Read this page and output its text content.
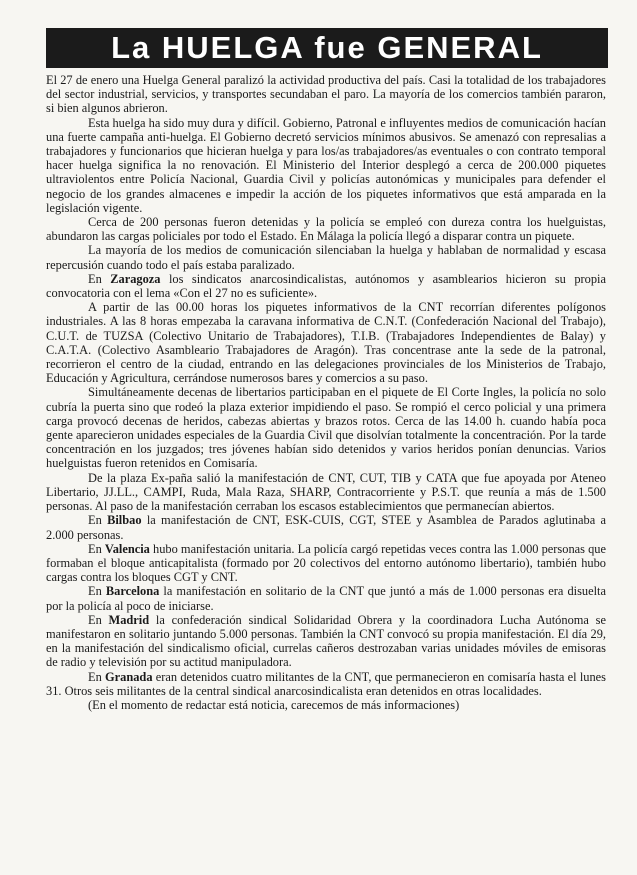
La HUELGA fue GENERAL

El 27 de enero una Huelga General paralizó la actividad productiva del país. Casi la totalidad de los trabajadores del sector industrial, servicios, y transportes secundaban el paro. La mayoría de los comercios también pararon, si bien algunos abrieron.

Esta huelga ha sido muy dura y difícil. Gobierno, Patronal e influyentes medios de comunicación hacían una fuerte campaña anti-huelga. El Gobierno decretó servicios mínimos abusivos. Se amenazó con represalias a trabajadores y funcionarios que hicieran huelga y para los/as trabajadores/as eventuales o con contrato temporal hacer huelga significa la no renovación. El Ministerio del Interior desplegó a cerca de 200.000 piquetes ultraviolentos entre Policía Nacional, Guardia Civil y policías autonómicas y municipales para defender el negocio de los grandes almacenes e impedir la acción de los piquetes informativos que está amparada en la legislación vigente.

Cerca de 200 personas fueron detenidas y la policía se empleó con dureza contra los huelguistas, abundaron las cargas policiales por todo el Estado. En Málaga la policía llegó a disparar contra un piquete.

La mayoría de los medios de comunicación silenciaban la huelga y hablaban de normalidad y escasa repercusión cuando todo el país estaba paralizado.

En Zaragoza los sindicatos anarcosindicalistas, autónomos y asamblearios hicieron su propia convocatoria con el lema «Con el 27 no es suficiente».

A partir de las 00.00 horas los piquetes informativos de la CNT recorrían diferentes polígonos industriales. A las 8 horas empezaba la caravana informativa de C.N.T. (Confederación Nacional del Trabajo), C.U.T. de TUZSA (Colectivo Unitario de Trabajadores), T.I.B. (Trabajadores Independientes de Balay) y C.A.T.A. (Colectivo Asambleario Trabajadores de Aragón). Tras concentrase ante la sede de la patronal, recorrieron el centro de la ciudad, entrando en las delegaciones provinciales de los Ministerios de Trabajo, Educación y Agricultura, cerrándose numerosos bares y comercios a su paso.

Simultáneamente decenas de libertarios participaban en el piquete de El Corte Ingles, la policía no solo cubría la puerta sino que rodeó la plaza exterior impidiendo el paso. Se rompió el cerco policial y una primera carga provocó decenas de heridos, cabezas abiertas y brazos rotos. Cerca de las 14.00 h. cuando había poca gente aparecieron unidades especiales de la Guardia Civil que disolvían totalmente la concentración. Por la tarde concentración en los juzgados; tres jóvenes habían sido detenidos y varios heridos ponían denuncias. Varios huelguistas fueron retenidos en Comisaría.

De la plaza Ex-paña salió la manifestación de CNT, CUT, TIB y CATA que fue apoyada por Ateneo Libertario, JJ.LL., CAMPI, Ruda, Mala Raza, SHARP, Contracorriente y P.S.T. que reunía a más de 1.500 personas. Al paso de la manifestación cerraban los escasos establecimientos que permanecían abiertos.

En Bilbao la manifestación de CNT, ESK-CUIS, CGT, STEE y Asamblea de Parados aglutinaba a 2.000 personas.

En Valencia hubo manifestación unitaria. La policía cargó repetidas veces contra las 1.000 personas que formaban el bloque anticapitalista (formado por 20 colectivos del entorno autónomo libertario), también hubo cargas contra los bloques CGT y CNT.

En Barcelona la manifestación en solitario de la CNT que juntó a más de 1.000 personas era disuelta por la policía al poco de iniciarse.

En Madrid la confederación sindical Solidaridad Obrera y la coordinadora Lucha Autónoma se manifestaron en solitario juntando 5.000 personas. También la CNT convocó su propia manifestación. El día 29, en la manifestación del sindicalismo oficial, currelas cañeros destrozaban varias unidades móviles de emisoras de radio y televisión por su actitud manipuladora.

En Granada eran detenidos cuatro militantes de la CNT, que permanecieron en comisaría hasta el lunes 31. Otros seis militantes de la central sindical anarcosindicalista eran detenidos en otras localidades.

(En el momento de redactar está noticia, carecemos de más informaciones)
